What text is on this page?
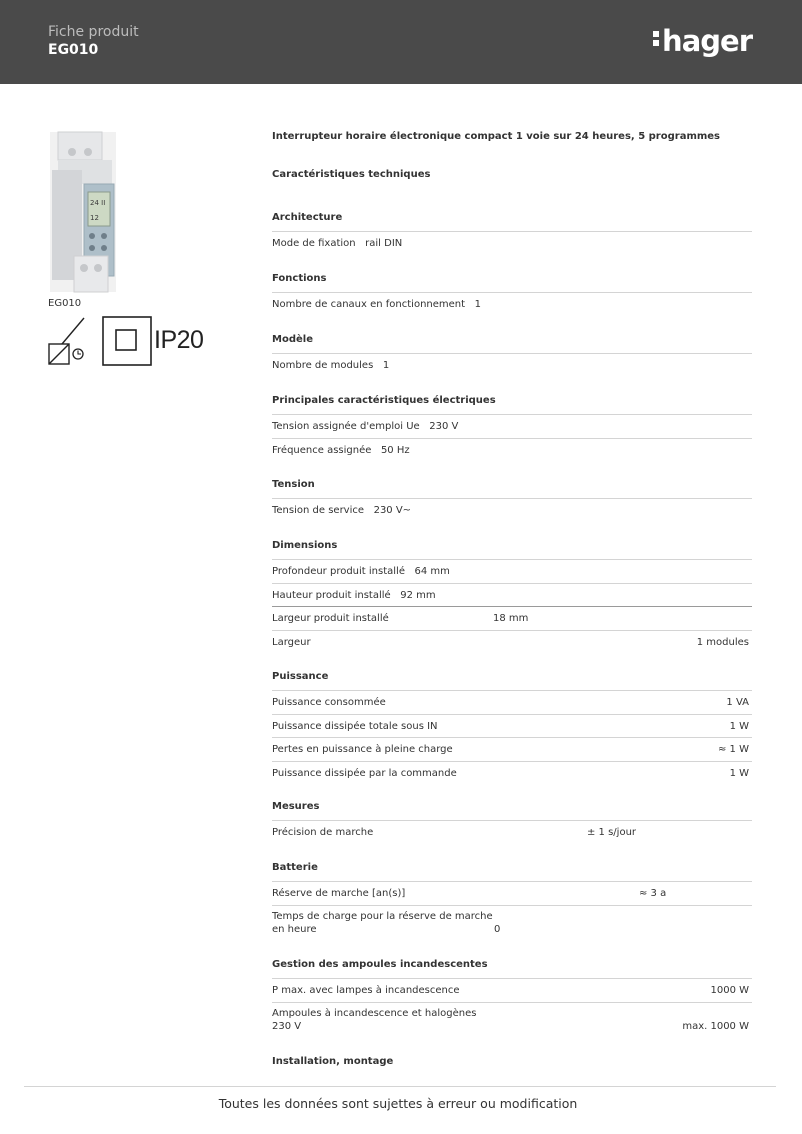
Fiche produit
EG010	hager
24 II
12
EG010
IP20
Interrupteur horaire électronique compact 1 voie sur 24 heures, 5 programmes
Caractéristiques techniques
Architecture
Mode de fixation rail DIN
Fonctions
Nombre de canaux en fonctionnement 1
Modèle
Nombre de modules 1
Principales caractéristiques électriques
Tension assignée d'emploi Ue 230 V
Fréquence assignée 50 Hz
Tension
Tension de service 230 V~
Dimensions
Profondeur produit installé 64 mm
Hauteur produit installé 92 mm
Largeur produit installé	18 mm
Largeur	1 modules
Puissance
Puissance consommée	1 VA
Puissance dissipée totale sous IN	1 W
Pertes en puissance à pleine charge	≈ 1 W
Puissance dissipée par la commande	1 W
Mesures
Précision de marche	± 1 s/jour
Batterie
Réserve de marche [an(s)]	≈ 3 a
Temps de charge pour la réserve de marche
en heure	0
Gestion des ampoules incandescentes
P max. avec lampes à incandescence	1000 W
Ampoules à incandescence et halogènes
230 V	max. 1000 W
Installation, montage
Toutes les données sont sujettes à erreur ou modification
